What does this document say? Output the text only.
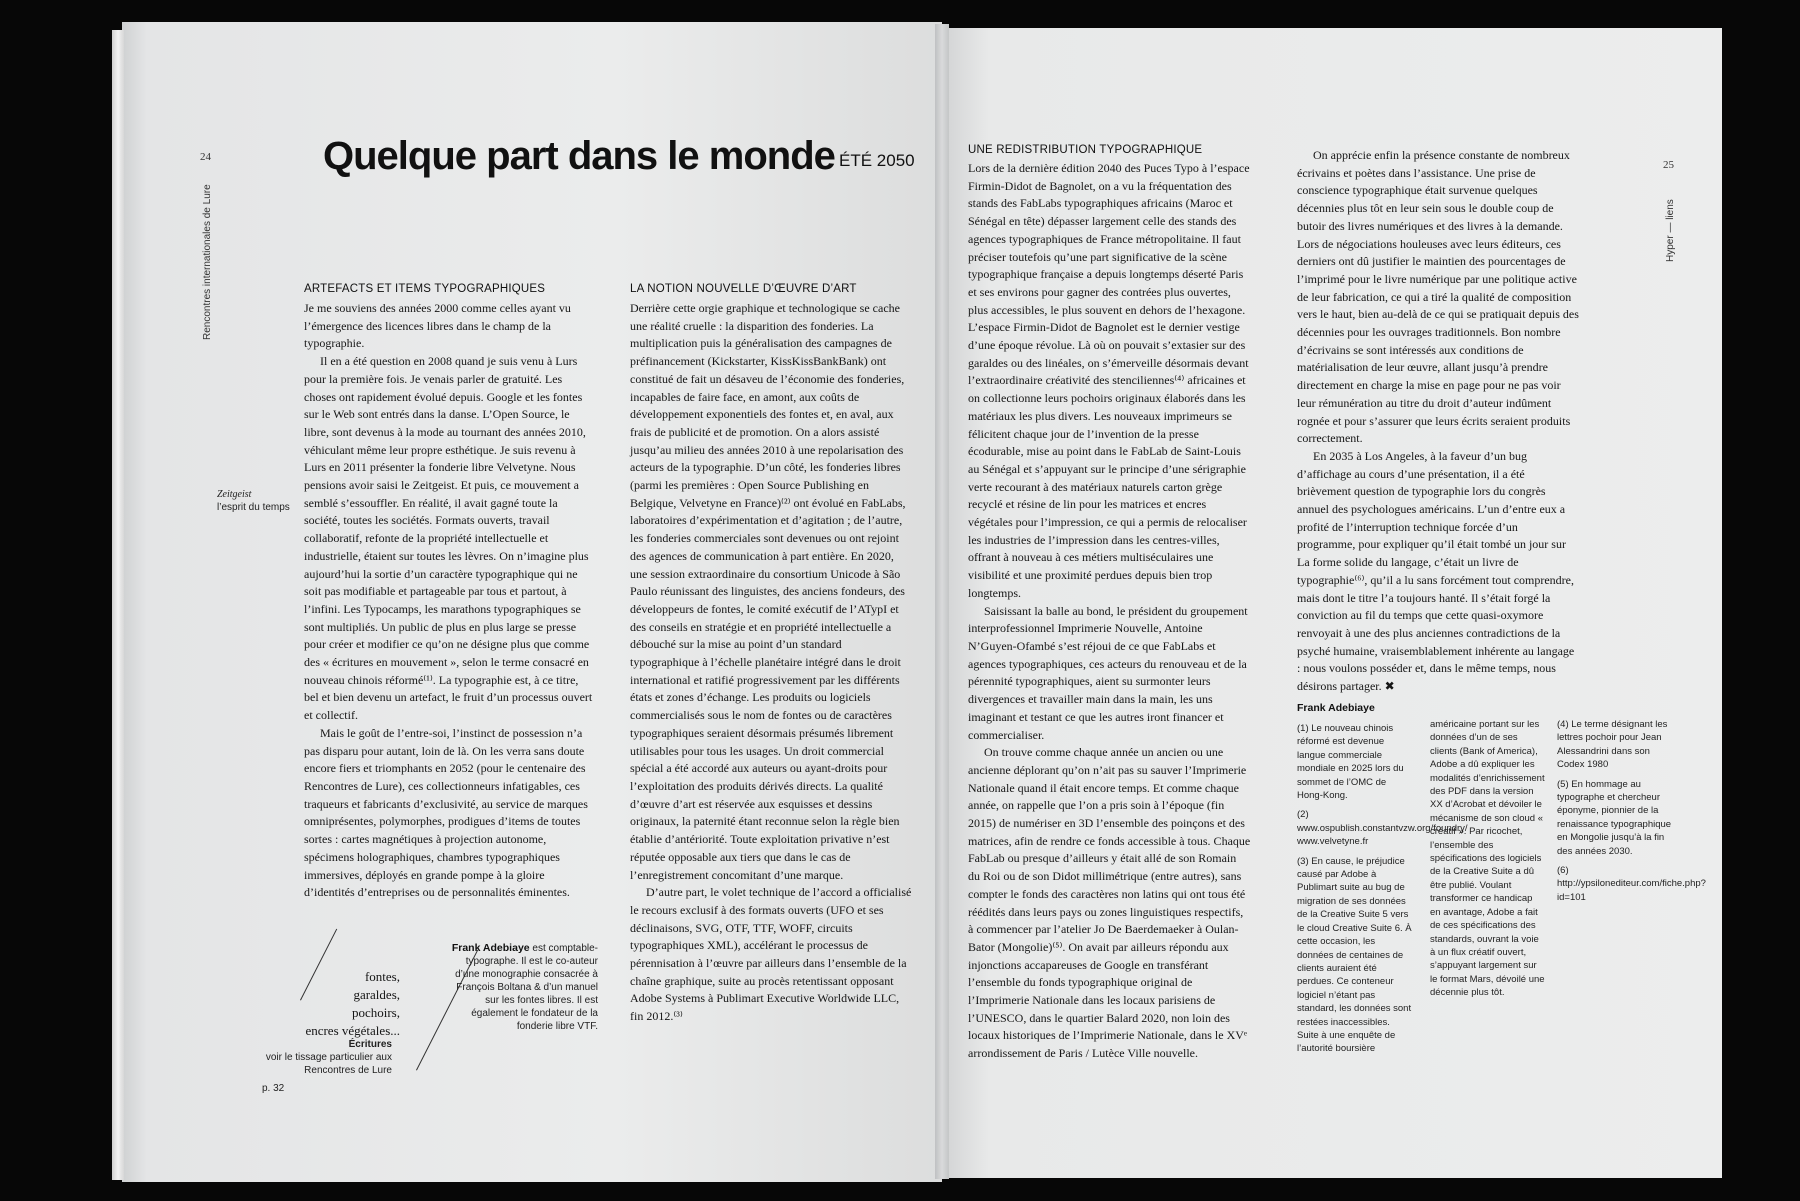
24
Rencontres internationales de Lure
Quelque part dans le monde ÉTÉ 2050
ARTEFACTS ET ITEMS TYPOGRAPHIQUES

Je me souviens des années 2000 comme celles ayant vu l’émergence des licences libres dans le champ de la typographie.

Il en a été question en 2008 quand je suis venu à Lurs pour la première fois. Je venais parler de gratuité. Les choses ont rapidement évolué depuis. Google et les fontes sur le Web sont entrés dans la danse. L’Open Source, le libre, sont devenus à la mode au tournant des années 2010, véhiculant même leur propre esthétique. Je suis revenu à Lurs en 2011 présenter la fonderie libre Velvetyne. Nous pensions avoir saisi le Zeitgeist. Et puis, ce mouvement a semblé s’essouffler. En réalité, il avait gagné toute la société, toutes les sociétés. Formats ouverts, travail collaboratif, refonte de la propriété intellectuelle et industrielle, étaient sur toutes les lèvres. On n’imagine plus aujourd’hui la sortie d’un caractère typographique qui ne soit pas modifiable et partageable par tous et partout, à l’infini. Les Typocamps, les marathons typographiques se sont multipliés. Un public de plus en plus large se presse pour créer et modifier ce qu’on ne désigne plus que comme des « écritures en mouvement », selon le terme consacré en nouveau chinois réformé⁽¹⁾. La typographie est, à ce titre, bel et bien devenu un artefact, le fruit d’un processus ouvert et collectif.

Mais le goût de l’entre-soi, l’instinct de possession n’a pas disparu pour autant, loin de là. On les verra sans doute encore fiers et triomphants en 2052 (pour le centenaire des Rencontres de Lure), ces collectionneurs infatigables, ces traqueurs et fabricants d’exclusivité, au service de marques omniprésentes, polymorphes, prodigues d’items de toutes sortes : cartes magnétiques à projection autonome, spécimens holographiques, chambres typographiques immersives, déployés en grande pompe à la gloire d’identités d’entreprises ou de personnalités éminentes.

Zeitgeist
l’esprit du temps
fontes,
garaldes,
pochoirs,
encres végétales...
Écritures
voir le tissage particulier aux Rencontres de Lure
p. 32
Frank Adebiaye est comptable-typographe. Il est le co-auteur d’une monographie consacrée à François Boltana & d’un manuel sur les fontes libres. Il est également le fondateur de la fonderie libre VTF.
LA NOTION NOUVELLE D’ŒUVRE D’ART

Derrière cette orgie graphique et technologique se cache une réalité cruelle : la disparition des fonderies. La multiplication puis la généralisation des campagnes de préfinancement (Kickstarter, KissKissBankBank) ont constitué de fait un désaveu de l’économie des fonderies, incapables de faire face, en amont, aux coûts de développement exponentiels des fontes et, en aval, aux frais de publicité et de promotion. On a alors assisté jusqu’au milieu des années 2010 à une repolarisation des acteurs de la typographie. D’un côté, les fonderies libres (parmi les premières : Open Source Publishing en Belgique, Velvetyne en France)⁽²⁾ ont évolué en FabLabs, laboratoires d’expérimentation et d’agitation ; de l’autre, les fonderies commerciales sont devenues ou ont rejoint des agences de communication à part entière. En 2020, une session extraordinaire du consortium Unicode à São Paulo réunissant des linguistes, des anciens fondeurs, des développeurs de fontes, le comité exécutif de l’ATypI et des conseils en stratégie et en propriété intellectuelle a débouché sur la mise au point d’un standard typographique à l’échelle planétaire intégré dans le droit international et ratifié progressivement par les différents états et zones d’échange. Les produits ou logiciels commercialisés sous le nom de fontes ou de caractères typographiques seraient désormais présumés librement utilisables pour tous les usages. Un droit commercial spécial a été accordé aux auteurs ou ayant-droits pour l’exploitation des produits dérivés directs. La qualité d’œuvre d’art est réservée aux esquisses et dessins originaux, la paternité étant reconnue selon la règle bien établie d’antériorité. Toute exploitation privative n’est réputée opposable aux tiers que dans le cas de l’enregistrement concomitant d’une marque.

D’autre part, le volet technique de l’accord a officialisé le recours exclusif à des formats ouverts (UFO et ses déclinaisons, SVG, OTF, TTF, WOFF, circuits typographiques XML), accélérant le processus de pérennisation à l’œuvre par ailleurs dans l’ensemble de la chaîne graphique, suite au procès retentissant opposant Adobe Systems à Publimart Executive Worldwide LLC, fin 2012.⁽³⁾

25
Hyper — liens
UNE REDISTRIBUTION TYPOGRAPHIQUE

Lors de la dernière édition 2040 des Puces Typo à l’espace Firmin-Didot de Bagnolet, on a vu la fréquentation des stands des FabLabs typographiques africains (Maroc et Sénégal en tête) dépasser largement celle des stands des agences typographiques de France métropolitaine. Il faut préciser toutefois qu’une part significative de la scène typographique française a depuis longtemps déserté Paris et ses environs pour gagner des contrées plus ouvertes, plus accessibles, le plus souvent en dehors de l’hexagone. L’espace Firmin-Didot de Bagnolet est le dernier vestige d’une époque révolue. Là où on pouvait s’extasier sur des garaldes ou des linéales, on s’émerveille désormais devant l’extraordinaire créativité des stenciliennes⁽⁴⁾ africaines et on collectionne leurs pochoirs originaux élaborés dans les matériaux les plus divers. Les nouveaux imprimeurs se félicitent chaque jour de l’invention de la presse écodurable, mise au point dans le FabLab de Saint-Louis au Sénégal et s’appuyant sur le principe d’une sérigraphie verte recourant à des matériaux naturels carton grège recyclé et résine de lin pour les matrices et encres végétales pour l’impression, ce qui a permis de relocaliser les industries de l’impression dans les centres-villes, offrant à nouveau à ces métiers multiséculaires une visibilité et une proximité perdues depuis bien trop longtemps.

Saisissant la balle au bond, le président du groupement interprofessionnel Imprimerie Nouvelle, Antoine N’Guyen-Ofambé s’est réjoui de ce que FabLabs et agences typographiques, ces acteurs du renouveau et de la pérennité typographiques, aient su surmonter leurs divergences et travailler main dans la main, les uns imaginant et testant ce que les autres iront financer et commercialiser.

On trouve comme chaque année un ancien ou une ancienne déplorant qu’on n’ait pas su sauver l’Imprimerie Nationale quand il était encore temps. Et comme chaque année, on rappelle que l’on a pris soin à l’époque (fin 2015) de numériser en 3D l’ensemble des poinçons et des matrices, afin de rendre ce fonds accessible à tous. Chaque FabLab ou presque d’ailleurs y était allé de son Romain du Roi ou de son Didot millimétrique (entre autres), sans compter le fonds des caractères non latins qui ont tous été réédités dans leurs pays ou zones linguistiques respectifs, à commencer par l’atelier Jo De Baerdemaeker à Oulan-Bator (Mongolie)⁽⁵⁾. On avait par ailleurs répondu aux injonctions accapareuses de Google en transférant l’ensemble du fonds typographique original de l’Imprimerie Nationale dans les locaux parisiens de l’UNESCO, dans le quartier Balard 2020, non loin des locaux historiques de l’Imprimerie Nationale, dans le XVᵉ arrondissement de Paris / Lutèce Ville nouvelle.

On apprécie enfin la présence constante de nombreux écrivains et poètes dans l’assistance. Une prise de conscience typographique était survenue quelques décennies plus tôt en leur sein sous le double coup de butoir des livres numériques et des livres à la demande. Lors de négociations houleuses avec leurs éditeurs, ces derniers ont dû justifier le maintien des pourcentages de l’imprimé pour le livre numérique par une politique active de leur fabrication, ce qui a tiré la qualité de composition vers le haut, bien au-delà de ce qui se pratiquait depuis des décennies pour les ouvrages traditionnels. Bon nombre d’écrivains se sont intéressés aux conditions de matérialisation de leur œuvre, allant jusqu’à prendre directement en charge la mise en page pour ne pas voir leur rémunération au titre du droit d’auteur indûment rognée et pour s’assurer que leurs écrits seraient produits correctement.

En 2035 à Los Angeles, à la faveur d’un bug d’affichage au cours d’une présentation, il a été brièvement question de typographie lors du congrès annuel des psychologues américains. L’un d’entre eux a profité de l’interruption technique forcée d’un programme, pour expliquer qu’il était tombé un jour sur La forme solide du langage, c’était un livre de typographie⁽⁶⁾, qu’il a lu sans forcément tout comprendre, mais dont le titre l’a toujours hanté. Il s’était forgé la conviction au fil du temps que cette quasi-oxymore renvoyait à une des plus anciennes contradictions de la psyché humaine, vraisemblablement inhérente au langage : nous voulons posséder et, dans le même temps, nous désirons partager. ✖

Frank Adebiaye

(1) Le nouveau chinois réformé est devenue langue commerciale mondiale en 2025 lors du sommet de l’OMC de Hong-Kong.

(2) www.ospublish.constantvzw.org/foundry/ www.velvetyne.fr

(3) En cause, le préjudice causé par Adobe à Publimart suite au bug de migration de ses données de la Creative Suite 5 vers le cloud Creative Suite 6. À cette occasion, les données de centaines de clients auraient été perdues. Ce conteneur logiciel n’étant pas standard, les données sont restées inaccessibles. Suite à une enquête de l’autorité boursière

américaine portant sur les données d’un de ses clients (Bank of America), Adobe a dû expliquer les modalités d’enrichissement des PDF dans la version XX d’Acrobat et dévoiler le mécanisme de son cloud « créatif ». Par ricochet, l’ensemble des spécifications des logiciels de la Creative Suite a dû être publié. Voulant transformer ce handicap en avantage, Adobe a fait de ces spécifications des standards, ouvrant la voie à un flux créatif ouvert, s’appuyant largement sur le format Mars, dévoilé une décennie plus tôt.

(4) Le terme désignant les lettres pochoir pour Jean Alessandrini dans son Codex 1980

(5) En hommage au typographe et chercheur éponyme, pionnier de la renaissance typographique en Mongolie jusqu’à la fin des années 2030.

(6) http://ypsiloneditеur.com/fiche.php?id=101
